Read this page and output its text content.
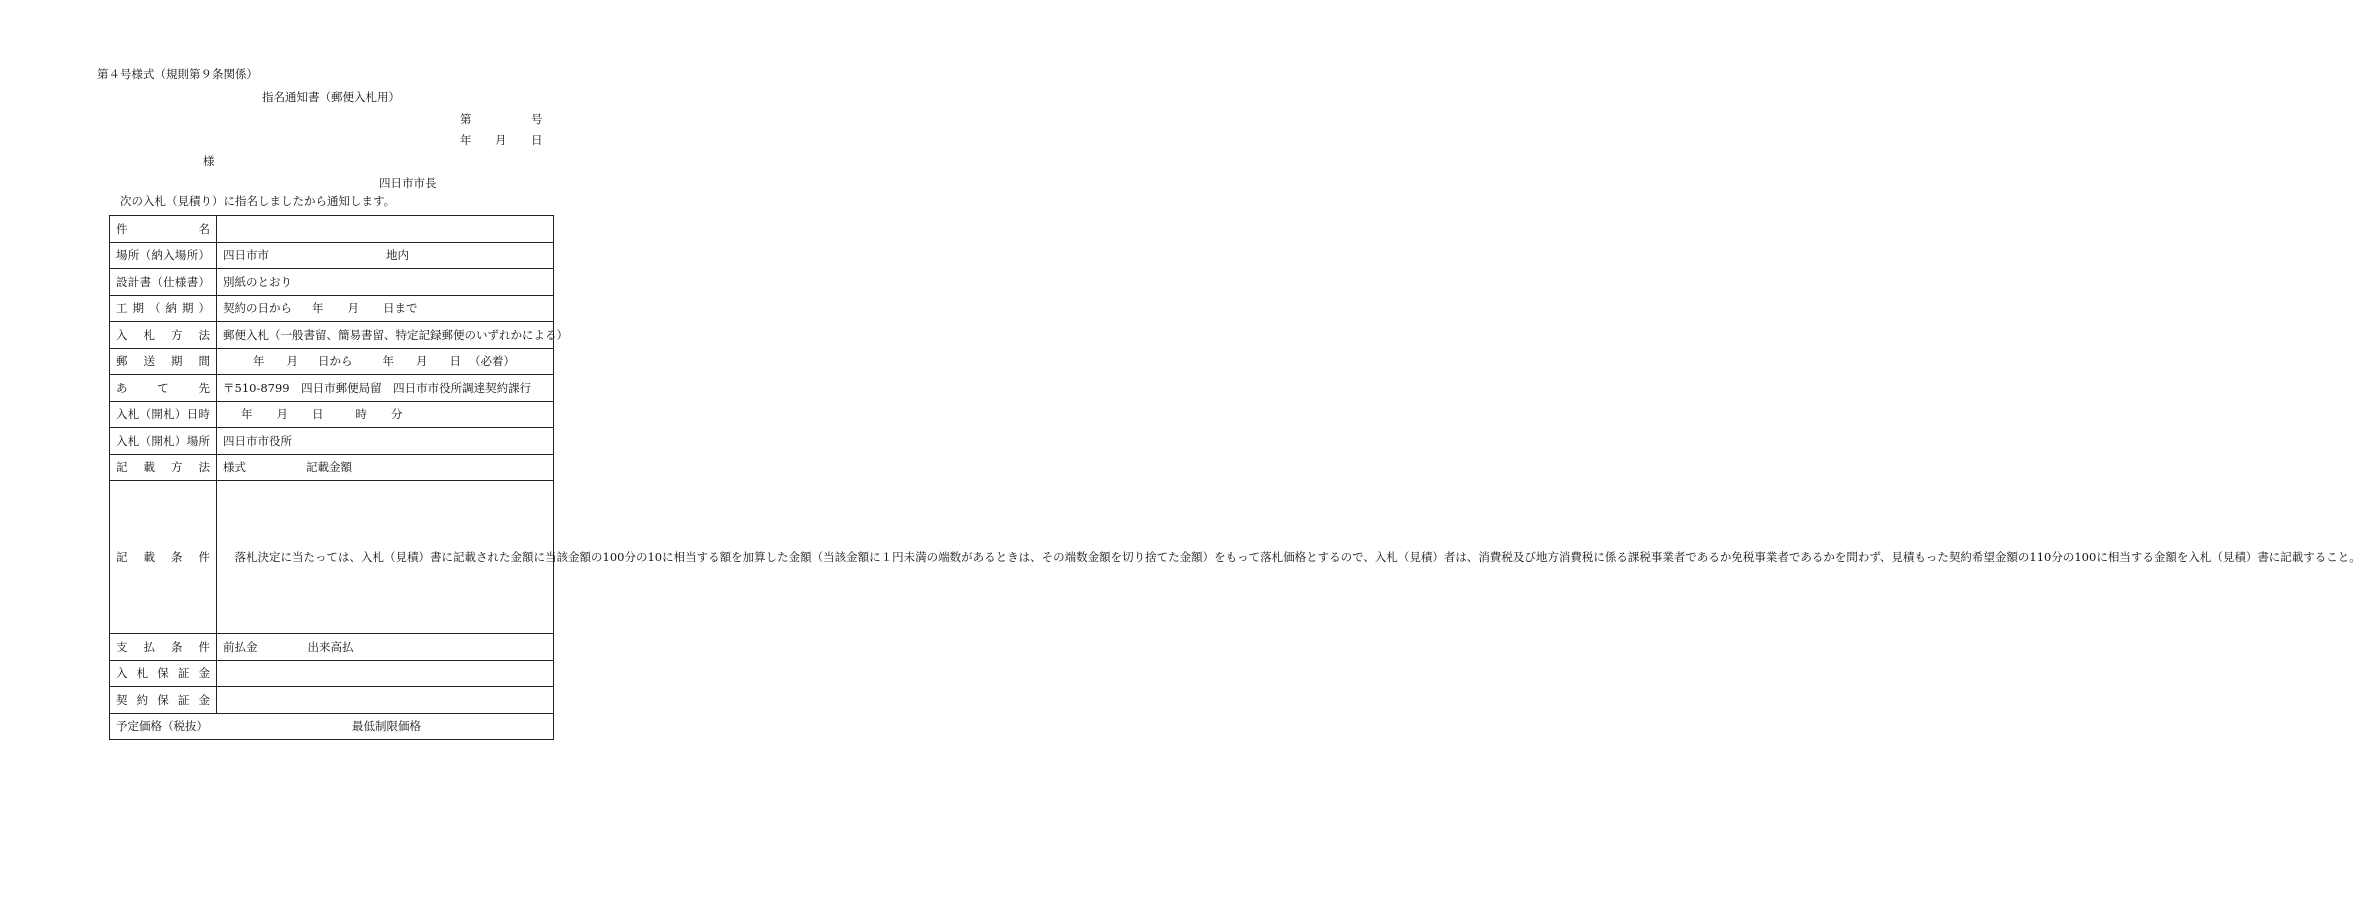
第４号様式（規則第９条関係）
指名通知書（郵便入札用）
第	号
年 月 日
様
四日市市長
次の入札（見積り）に指名しましたから通知します。
件名	
場所（納入場所）	四日市市 地内
設計書（仕様書）	別紙のとおり
工期（納期）	契約の日から 年 月 日まで
入札方法	郵便入札（一般書留、簡易書留、特定記録郵便のいずれかによる）
郵送期間	年 月 日から 年 月 日 （必着）
あて先	〒510-8799　四日市郵便局留　四日市市役所調達契約課行
入札（開札）日時	年 月 日 時 分
入札（開札）場所	四日市市役所
記載方法	様式 記載金額
記載条件	落札決定に当たっては、入札（見積）書に記載された金額に当該金額の100分の10に相当する額を加算した金額（当該金額に１円未満の端数があるときは、その端数金額を切り捨てた金額）をもって落札価格とするので、入札（見積）者は、消費税及び地方消費税に係る課税事業者であるか免税事業者であるかを問わず、見積もった契約希望金額の110分の100に相当する金額を入札（見積）書に記載すること。
支払条件	前払金 出来高払
入札保証金	
契約保証金	
予定価格（税抜） 最低制限価格	
